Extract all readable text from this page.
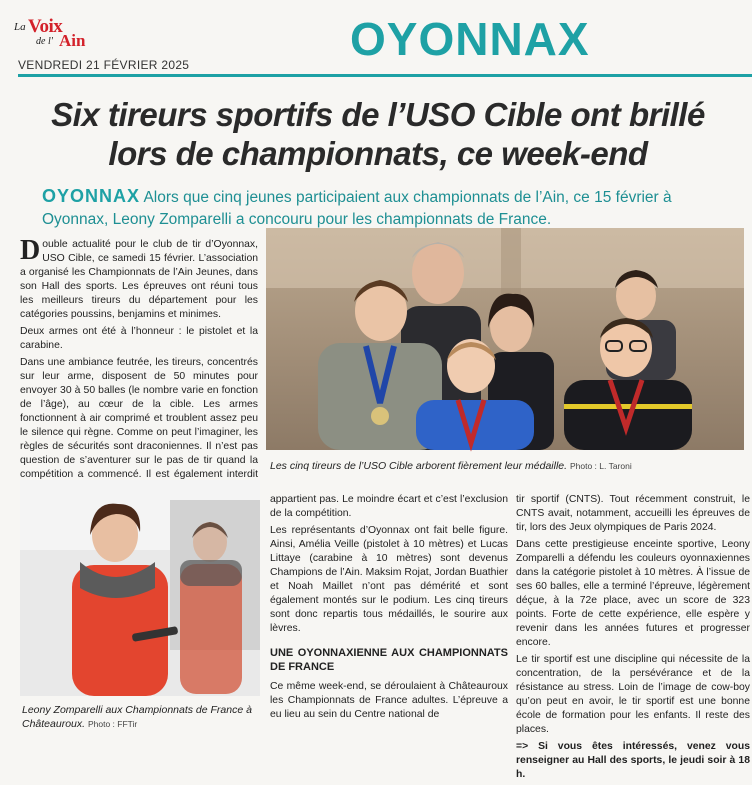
La Voix
de l' Ain
VENDREDI 21 FÉVRIER 2025	OYONNAX
Six tireurs sportifs de l’USO Cible ont brillé lors de championnats, ce week-end
OYONNAX Alors que cinq jeunes participaient aux championnats de l’Ain, ce 15 février à Oyonnax, Leony Zomparelli a concouru pour les championnats de France.

D ouble actualité pour le club de tir d’Oyonnax, USO Cible, ce samedi 15 février. L’association a organisé les Championnats de l’Ain Jeunes, dans son Hall des sports. Les épreuves ont réuni tous les meilleurs tireurs du département pour les catégories poussins, benjamins et minimes.

Deux armes ont été à l’honneur : le pistolet et la carabine.

Dans une ambiance feutrée, les tireurs, concentrés sur leur arme, disposent de 50 minutes pour envoyer 30 à 50 balles (le nombre varie en fonction de l’âge), au cœur de la cible. Les armes fonctionnent à air comprimé et troublent assez peu le silence qui règne. Comme on peut l’imaginer, les règles de sécurités sont draconiennes. Il n’est pas question de s’aventurer sur le pas de tir quand la compétition a commencé. Il est également interdit

Les cinq tireurs de l’USO Cible arborent fièrement leur médaille. Photo : L. Taroni
Leony Zomparelli aux Championnats de France à Châteauroux. Photo : FFTir

appartient pas. Le moindre écart et c’est l’exclusion de la compétition.

Les représentants d’Oyonnax ont fait belle figure. Ainsi, Amélia Veille (pistolet à 10 mètres) et Lucas Littaye (carabine à 10 mètres) sont devenus Champions de l’Ain. Maksim Rojat, Jordan Buathier et Noah Maillet n’ont pas démérité et sont également montés sur le podium. Les cinq tireurs sont donc repartis tous médaillés, le sourire aux lèvres.

UNE OYONNAXIENNE AUX CHAMPIONNATS DE FRANCE

Ce même week-end, se déroulaient à Châteauroux les Championnats de France adultes. L’épreuve a eu lieu au sein du Centre national de

tir sportif (CNTS). Tout récemment construit, le CNTS avait, notamment, accueilli les épreuves de tir, lors des Jeux olympiques de Paris 2024.

Dans cette prestigieuse enceinte sportive, Leony Zomparelli a défendu les couleurs oyonnaxiennes dans la catégorie pistolet à 10 mètres. À l’issue de ses 60 balles, elle a terminé l’épreuve, légèrement déçue, à la 72e place, avec un score de 323 points. Forte de cette expérience, elle espère y revenir dans les années futures et progresser encore.

Le tir sportif est une discipline qui nécessite de la concentration, de la persévérance et de la résistance au stress. Loin de l’image de cow-boy qu’on peut en avoir, le tir sportif est une bonne école de formation pour les enfants. Il reste des places.

=> Si vous êtes intéressés, venez vous renseigner au Hall des sports, le jeudi soir à 18 h.
